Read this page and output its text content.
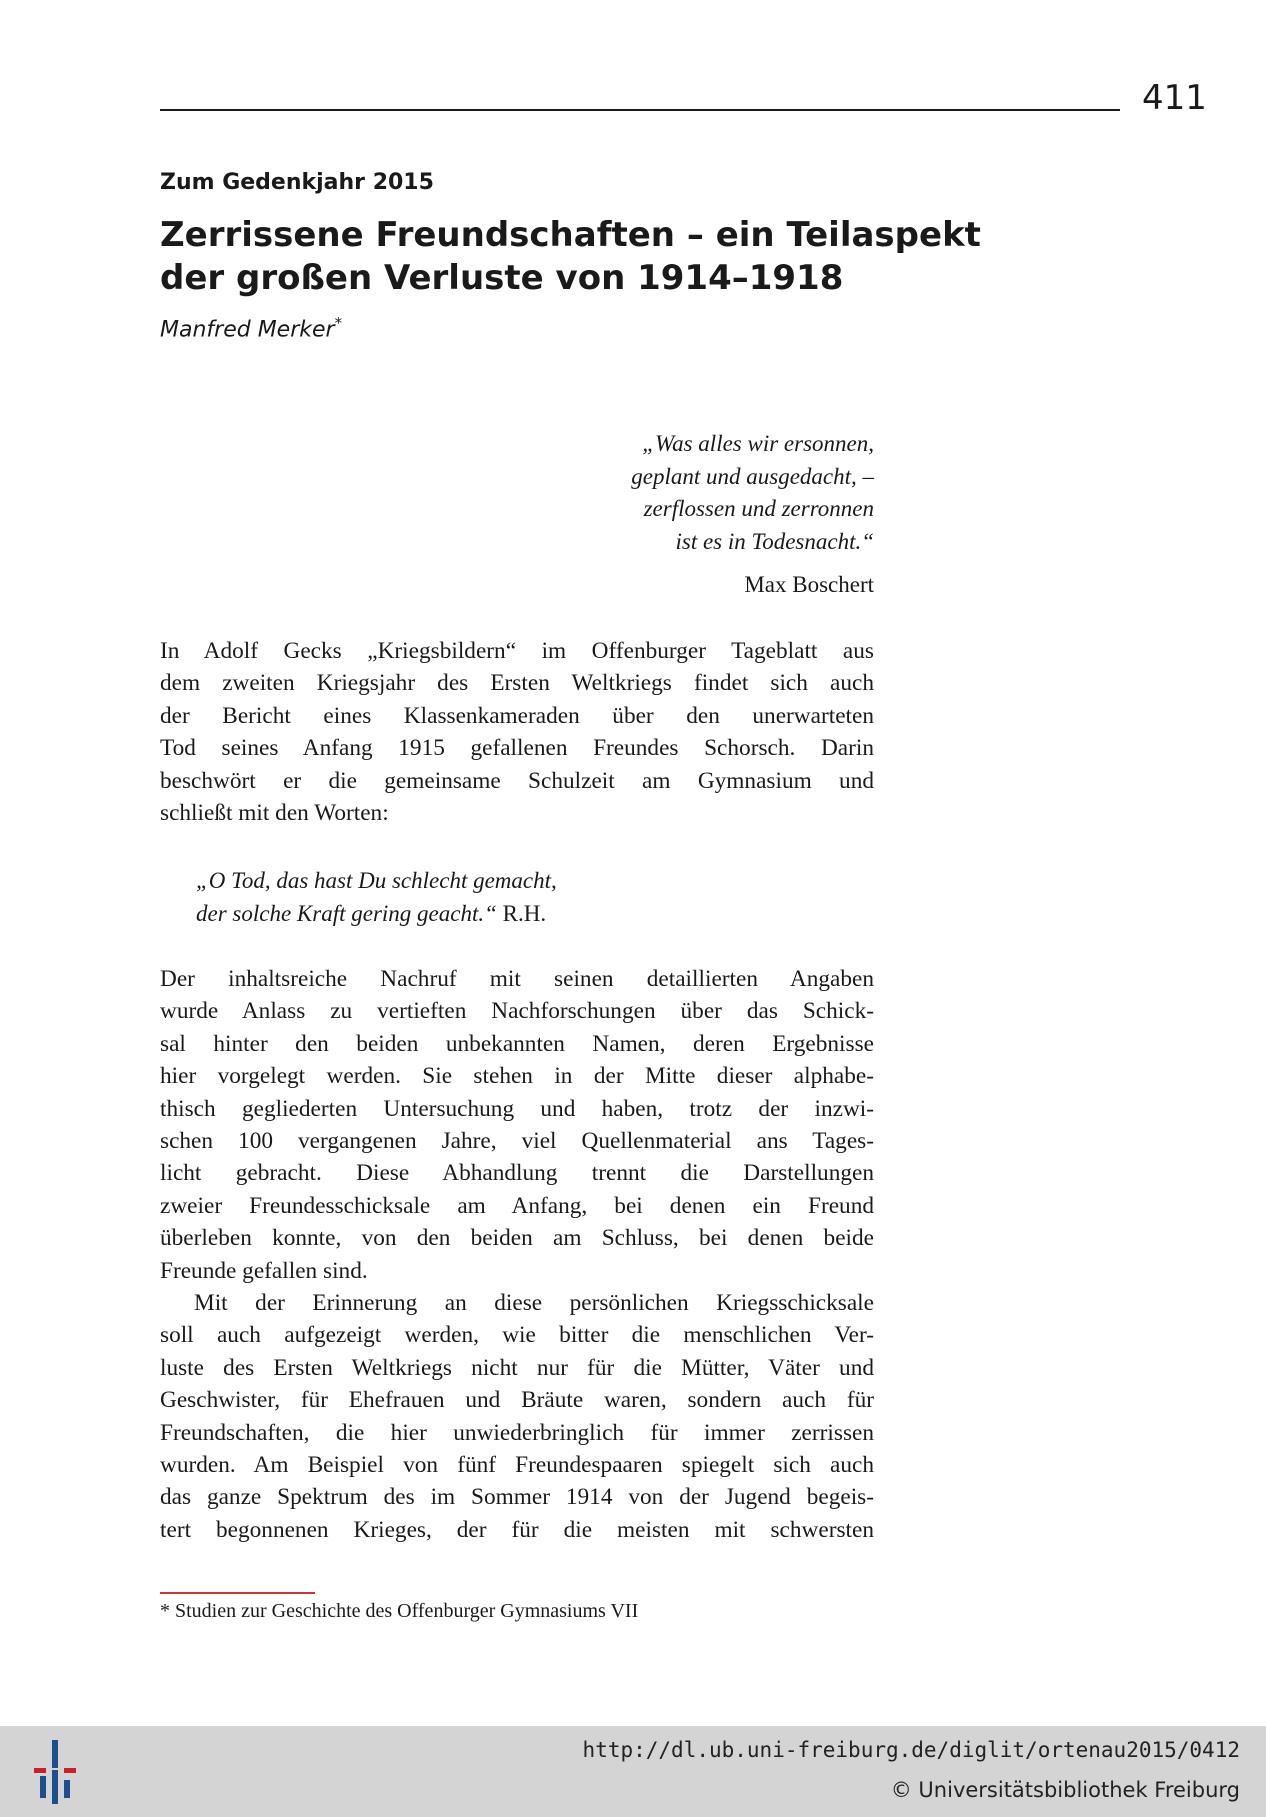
411
Zum Gedenkjahr 2015
Zerrissene Freundschaften – ein Teilaspekt
der großen Verluste von 1914–1918
Manfred Merker*
„Was alles wir ersonnen,
geplant und ausgedacht, –
zerflossen und zerronnen
ist es in Todesnacht.“
Max Boschert
In Adolf Gecks „Kriegsbildern“ im Offenburger Tageblatt aus
dem zweiten Kriegsjahr des Ersten Weltkriegs findet sich auch
der Bericht eines Klassenkameraden über den unerwarteten
Tod seines Anfang 1915 gefallenen Freundes Schorsch. Darin
beschwört er die gemeinsame Schulzeit am Gymnasium und
schließt mit den Worten:
„O Tod, das hast Du schlecht gemacht,
der solche Kraft gering geacht.“ R.H.
Der inhaltsreiche Nachruf mit seinen detaillierten Angaben
wurde Anlass zu vertieften Nachforschungen über das Schick-
sal hinter den beiden unbekannten Namen, deren Ergebnisse
hier vorgelegt werden. Sie stehen in der Mitte dieser alphabe-
thisch gegliederten Untersuchung und haben, trotz der inzwi-
schen 100 vergangenen Jahre, viel Quellenmaterial ans Tages-
licht gebracht. Diese Abhandlung trennt die Darstellungen
zweier Freundesschicksale am Anfang, bei denen ein Freund
überleben konnte, von den beiden am Schluss, bei denen beide
Freunde gefallen sind.
Mit der Erinnerung an diese persönlichen Kriegsschicksale
soll auch aufgezeigt werden, wie bitter die menschlichen Ver-
luste des Ersten Weltkriegs nicht nur für die Mütter, Väter und
Geschwister, für Ehefrauen und Bräute waren, sondern auch für
Freundschaften, die hier unwiederbringlich für immer zerrissen
wurden. Am Beispiel von fünf Freundespaaren spiegelt sich auch
das ganze Spektrum des im Sommer 1914 von der Jugend begeis-
tert begonnenen Krieges, der für die meisten mit schwersten
* Studien zur Geschichte des Offenburger Gymnasiums VII
http://dl.ub.uni-freiburg.de/diglit/ortenau2015/0412
© Universitätsbibliothek Freiburg
